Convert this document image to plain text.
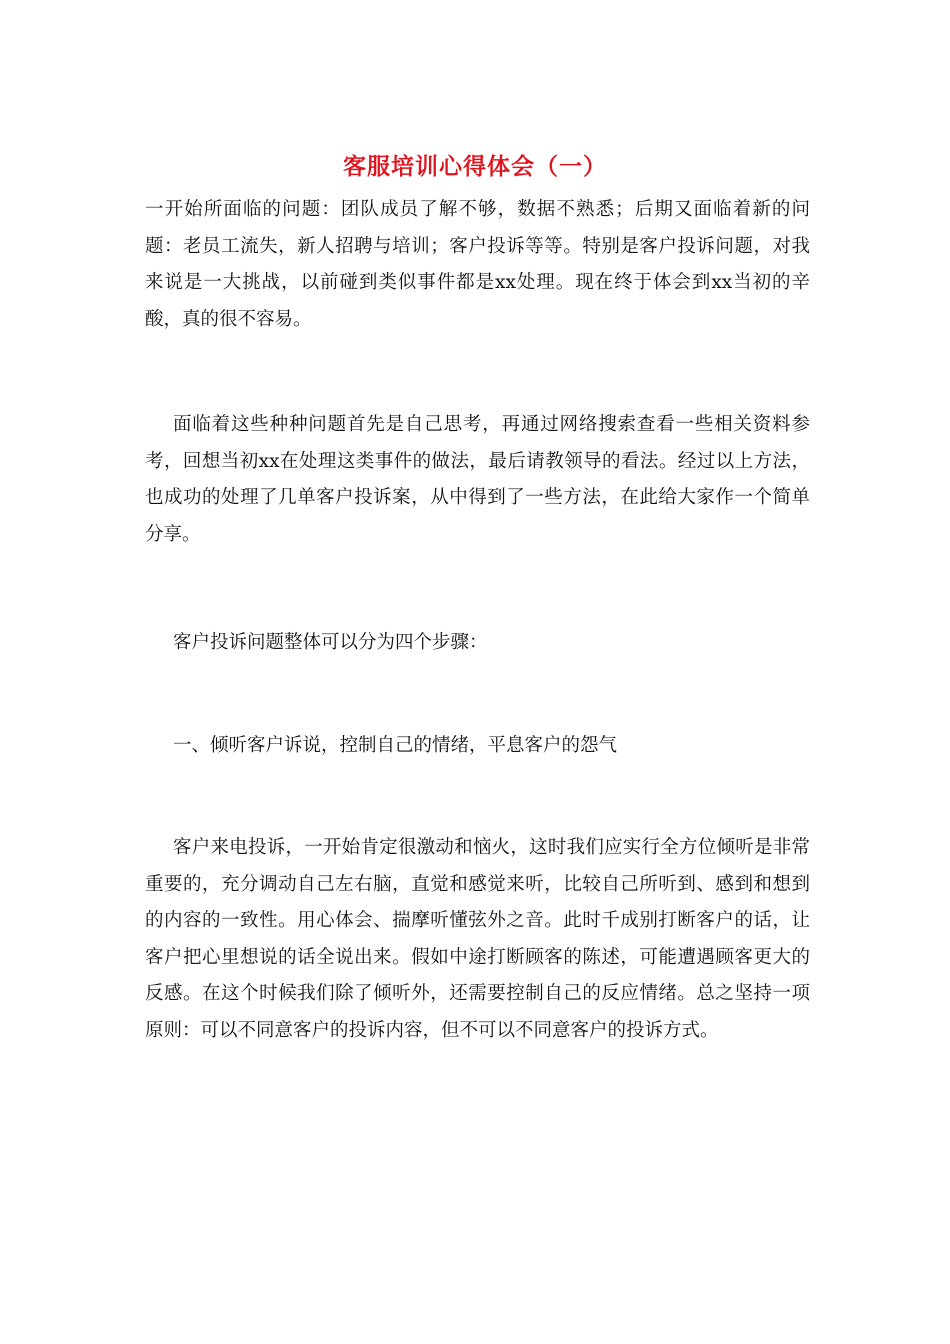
客服培训心得体会（一）

一开始所面临的问题：团队成员了解不够，数据不熟悉；后期又面临着新的问题：老员工流失，新人招聘与培训；客户投诉等等。特别是客户投诉问题，对我来说是一大挑战，以前碰到类似事件都是xx处理。现在终于体会到xx当初的辛酸，真的很不容易。

面临着这些种种问题首先是自己思考，再通过网络搜索查看一些相关资料参考，回想当初xx在处理这类事件的做法，最后请教领导的看法。经过以上方法，也成功的处理了几单客户投诉案，从中得到了一些方法，在此给大家作一个简单分享。

客户投诉问题整体可以分为四个步骤：

一、倾听客户诉说，控制自己的情绪，平息客户的怨气

客户来电投诉，一开始肯定很激动和恼火，这时我们应实行全方位倾听是非常重要的，充分调动自己左右脑，直觉和感觉来听，比较自己所听到、感到和想到的内容的一致性。用心体会、揣摩听懂弦外之音。此时千成别打断客户的话，让客户把心里想说的话全说出来。假如中途打断顾客的陈述，可能遭遇顾客更大的反感。在这个时候我们除了倾听外，还需要控制自己的反应情绪。总之坚持一项原则：可以不同意客户的投诉内容，但不可以不同意客户的投诉方式。
